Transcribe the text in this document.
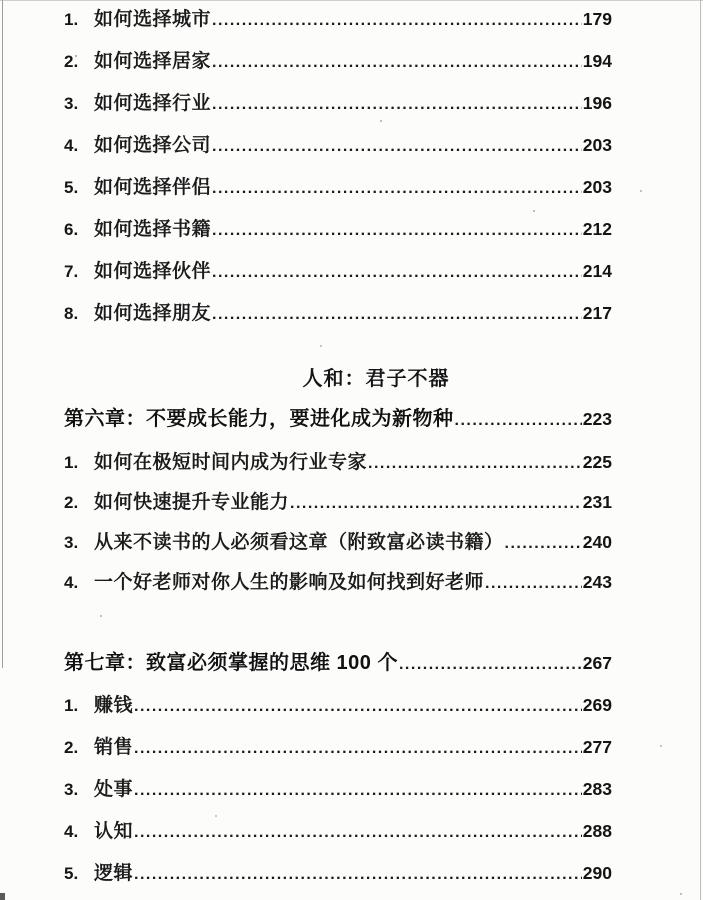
1. 如何选择城市 .....	179
2. 如何选择居家 .....	194
3. 如何选择行业 .....	196
4. 如何选择公司 .....	203
5. 如何选择伴侣 .....	203
6. 如何选择书籍 .....	212
7. 如何选择伙伴 .....	214
8. 如何选择朋友 .....	217
人和：君子不器
第六章：不要成长能力，要进化成为新物种 .....	223
1. 如何在极短时间内成为行业专家 .....	225
2. 如何快速提升专业能力 .....	231
3. 从来不读书的人必须看这章（附致富必读书籍） .....	240
4. 一个好老师对你人生的影响及如何找到好老师 .....	243
第七章：致富必须掌握的思维 100 个 .....	267
1. 赚钱 .....	269
2. 销售 .....	277
3. 处事 .....	283
4. 认知 .....	288
5. 逻辑 .....	290
